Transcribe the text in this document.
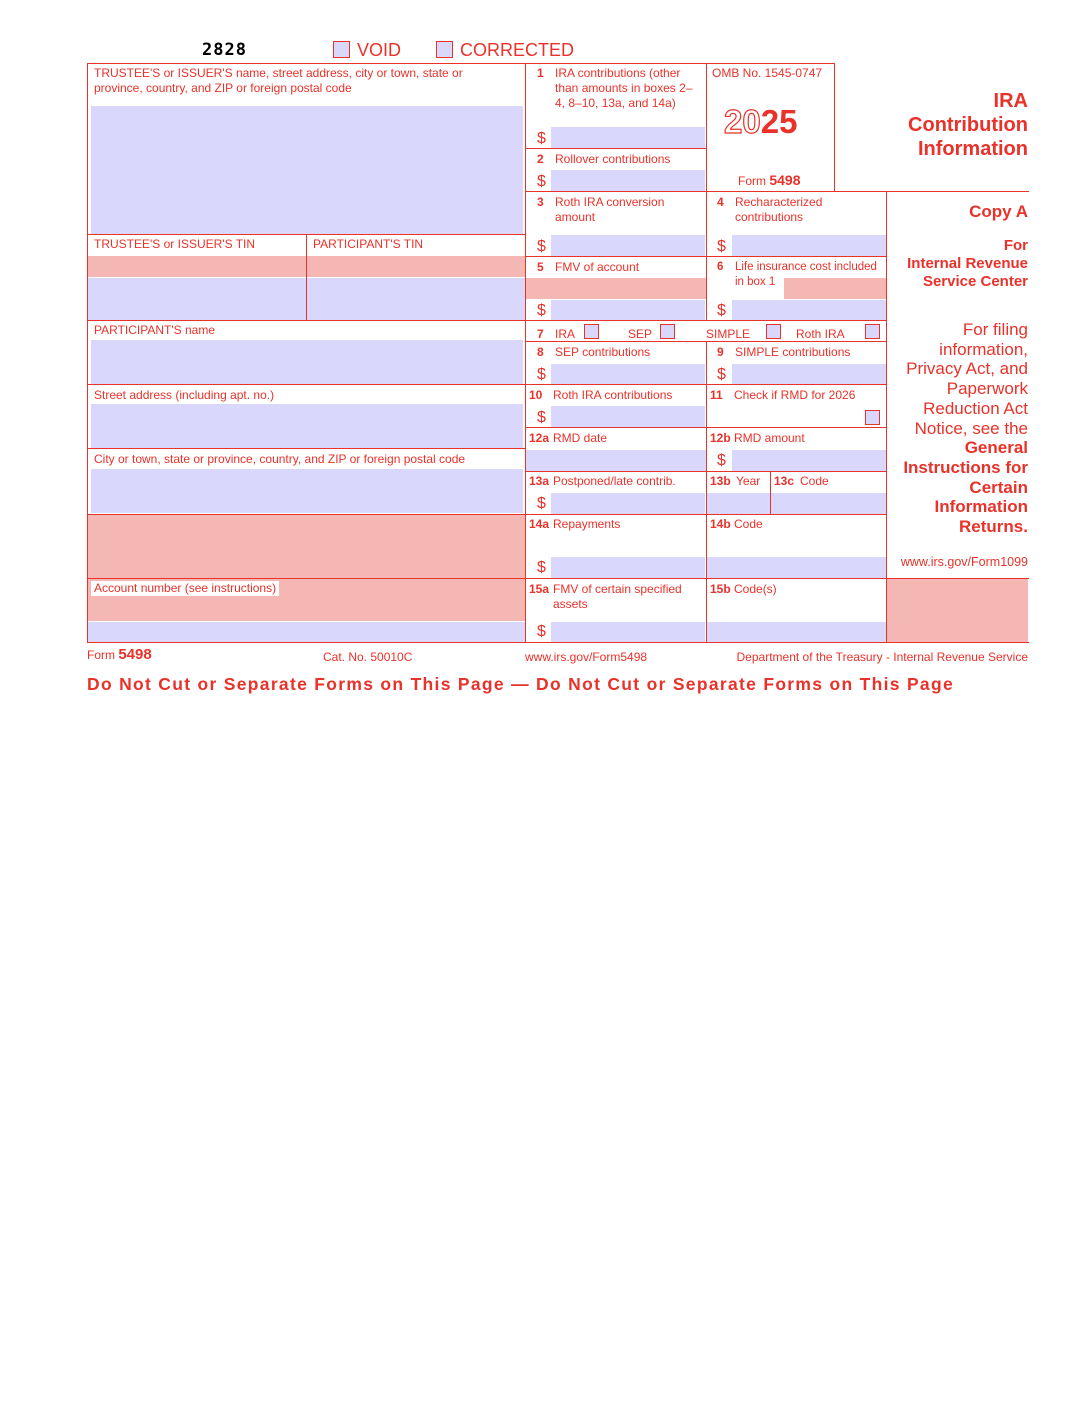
2828	VOID	CORRECTED
TRUSTEE'S or ISSUER'S name, street address, city or town, state or province, country, and ZIP or foreign postal code
TRUSTEE'S or ISSUER'S TIN	PARTICIPANT'S TIN
PARTICIPANT'S name
Street address (including apt. no.)
City or town, state or province, country, and ZIP or foreign postal code
Account number (see instructions)
1 IRA contributions (other than amounts in boxes 2–4, 8–10, 13a, and 14a)
$
2 Rollover contributions
$
3 Roth IRA conversion amount
$
4 Recharacterized contributions
$
5 FMV of account
$
6 Life insurance cost included in box 1
$
7 IRA	SEP	SIMPLE	Roth IRA
8 SEP contributions
$
9 SIMPLE contributions
$
10 Roth IRA contributions
$
11 Check if RMD for 2026
12a RMD date	12b RMD amount
$
13a Postponed/late contrib.
$
13b Year 13c Code
14a Repayments
$
14b Code
15a FMV of certain specified assets
$
15b Code(s)
OMB No. 1545-0747
2025
Form 5498
IRA
Contribution
Information
Copy A
For
Internal Revenue
Service Center
For filing
information,
Privacy Act, and
Paperwork
Reduction Act
Notice, see the
General
Instructions for
Certain
Information
Returns.
www.irs.gov/Form1099
Form 5498	Cat. No. 50010C	www.irs.gov/Form5498	Department of the Treasury - Internal Revenue Service
Do Not Cut or Separate Forms on This Page — Do Not Cut or Separate Forms on This Page
